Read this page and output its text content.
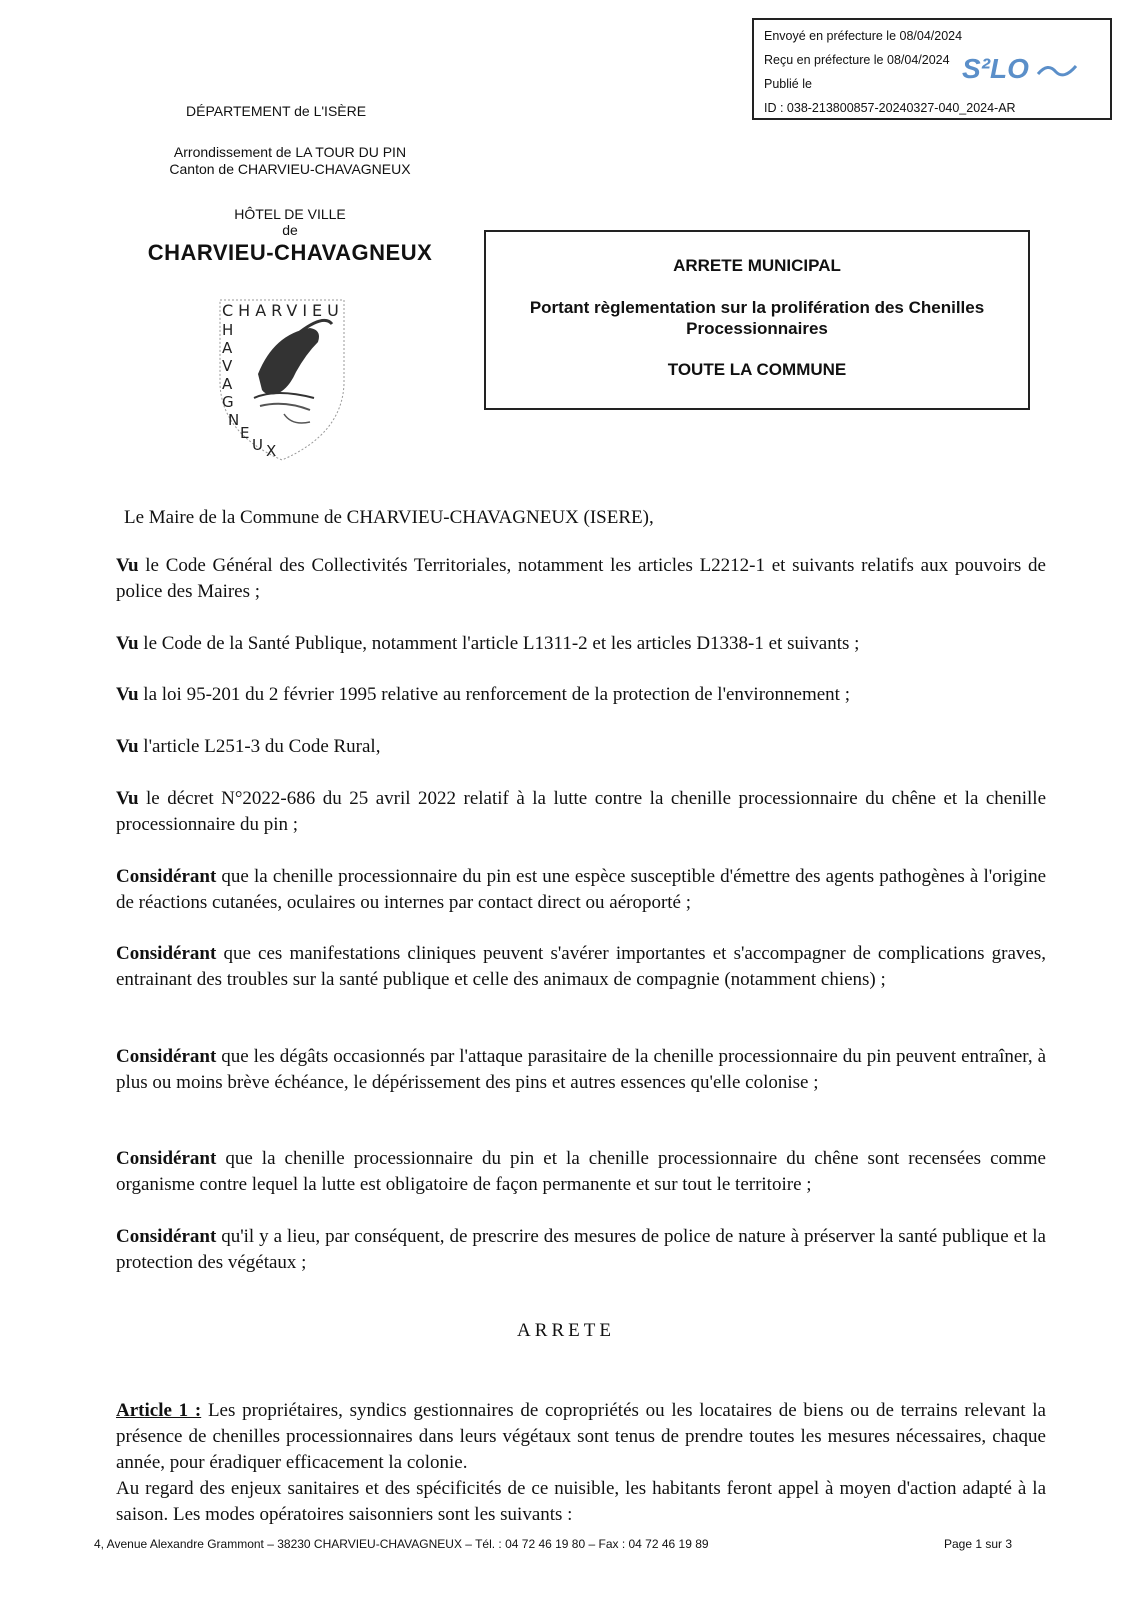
Envoyé en préfecture le 08/04/2024
Reçu en préfecture le 08/04/2024
Publié le
ID : 038-213800857-20240327-040_2024-AR
S²LO
DÉPARTEMENT de L'ISÈRE
Arrondissement de LA TOUR DU PIN
Canton de CHARVIEU-CHAVAGNEUX
HÔTEL DE VILLE
de
CHARVIEU-CHAVAGNEUX
CHARVIEU
H
A
V
A
G
N
E
U X
ARRETE MUNICIPAL
Portant règlementation sur la prolifération des Chenilles
Processionnaires
TOUTE LA COMMUNE
Le Maire de la Commune de CHARVIEU-CHAVAGNEUX (ISERE),
Vu le Code Général des Collectivités Territoriales, notamment les articles L2212-1 et suivants relatifs aux pouvoirs de police des Maires ;
Vu le Code de la Santé Publique, notamment l'article L1311-2 et les articles D1338-1 et suivants ;
Vu la loi 95-201 du 2 février 1995 relative au renforcement de la protection de l'environnement ;
Vu l'article L251-3 du Code Rural,
Vu le décret N°2022-686 du 25 avril 2022 relatif à la lutte contre la chenille processionnaire du chêne et la chenille processionnaire du pin ;
Considérant que la chenille processionnaire du pin est une espèce susceptible d'émettre des agents pathogènes à l'origine de réactions cutanées, oculaires ou internes par contact direct ou aéroporté ;
Considérant que ces manifestations cliniques peuvent s'avérer importantes et s'accompagner de complications graves, entrainant des troubles sur la santé publique et celle des animaux de compagnie (notamment chiens) ;
Considérant que les dégâts occasionnés par l'attaque parasitaire de la chenille processionnaire du pin peuvent entraîner, à plus ou moins brève échéance, le dépérissement des pins et autres essences qu'elle colonise ;
Considérant que la chenille processionnaire du pin et la chenille processionnaire du chêne sont recensées comme organisme contre lequel la lutte est obligatoire de façon permanente et sur tout le territoire ;
Considérant qu'il y a lieu, par conséquent, de prescrire des mesures de police de nature à préserver la santé publique et la protection des végétaux ;
ARRETE
Article 1 : Les propriétaires, syndics gestionnaires de copropriétés ou les locataires de biens ou de terrains relevant la présence de chenilles processionnaires dans leurs végétaux sont tenus de prendre toutes les mesures nécessaires, chaque année, pour éradiquer efficacement la colonie.
Au regard des enjeux sanitaires et des spécificités de ce nuisible, les habitants feront appel à moyen d'action adapté à la saison. Les modes opératoires saisonniers sont les suivants :
4, Avenue Alexandre Grammont – 38230 CHARVIEU-CHAVAGNEUX – Tél. : 04 72 46 19 80 – Fax : 04 72 46 19 89	Page 1 sur 3
